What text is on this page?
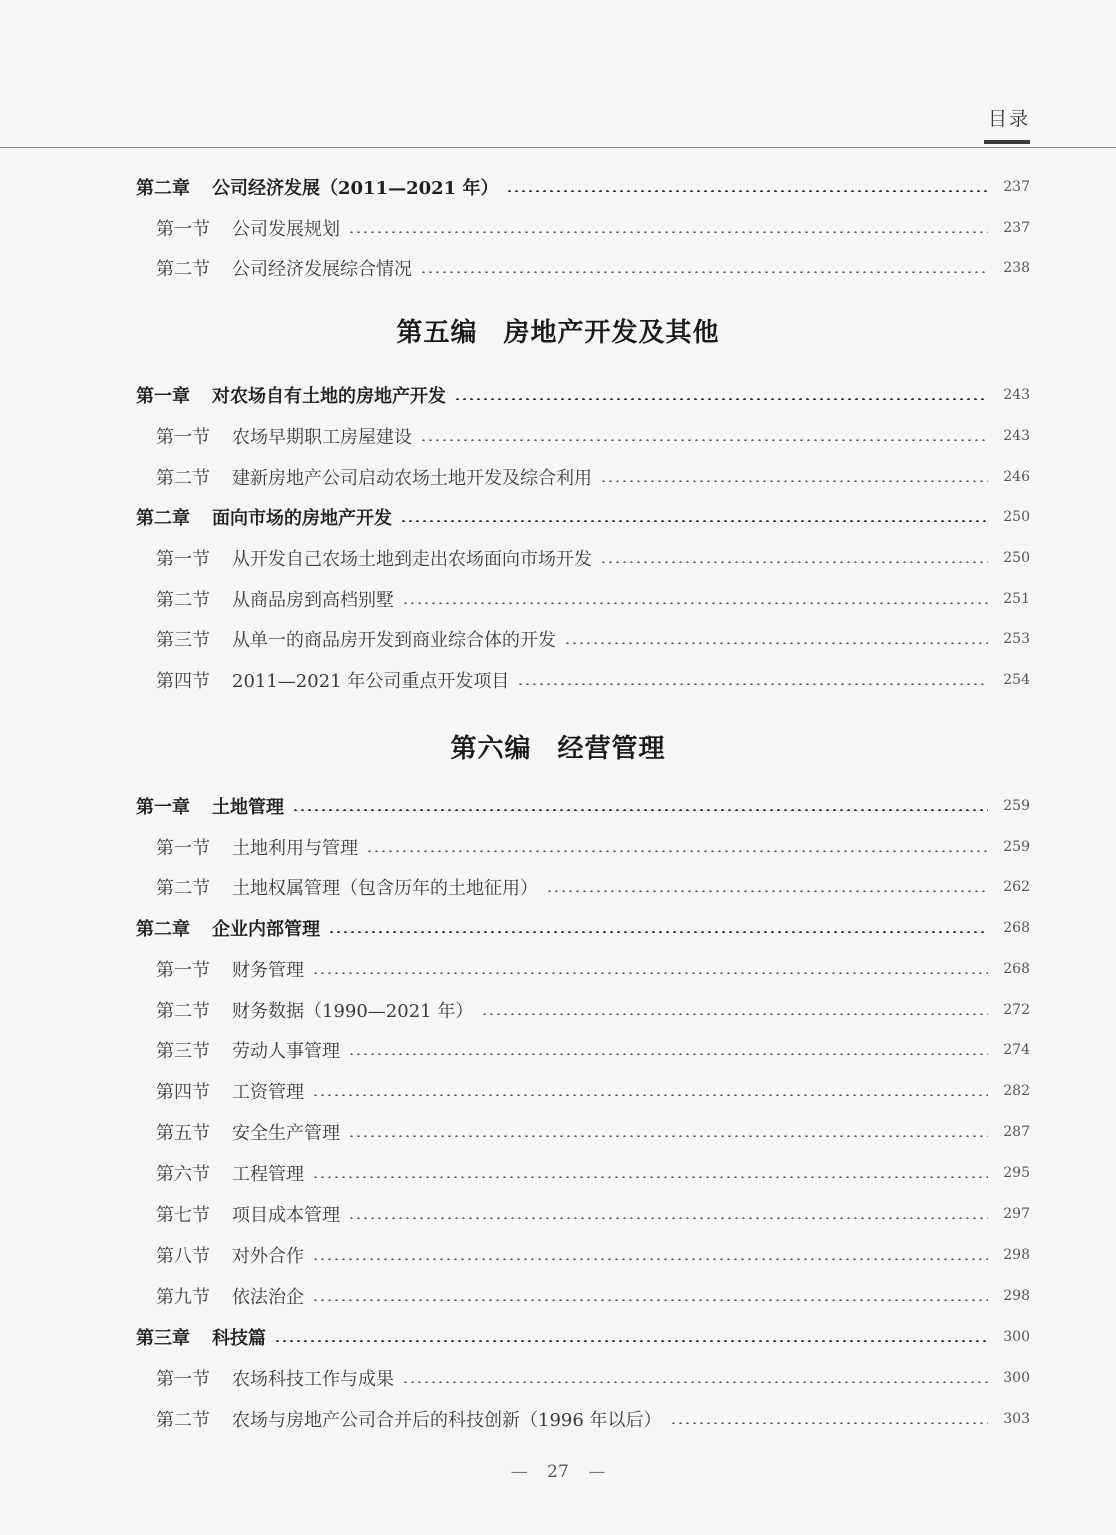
目录
第二章 公司经济发展（2011—2021 年）	237
第一节 公司发展规划	237
第二节 公司经济发展综合情况	238
第五编 房地产开发及其他
第一章 对农场自有土地的房地产开发	243
第一节 农场早期职工房屋建设	243
第二节 建新房地产公司启动农场土地开发及综合利用	246
第二章 面向市场的房地产开发	250
第一节 从开发自己农场土地到走出农场面向市场开发	250
第二节 从商品房到高档别墅	251
第三节 从单一的商品房开发到商业综合体的开发	253
第四节 2011—2021 年公司重点开发项目	254
第六编 经营管理
第一章 土地管理	259
第一节 土地利用与管理	259
第二节 土地权属管理（包含历年的土地征用）	262
第二章 企业内部管理	268
第一节 财务管理	268
第二节 财务数据（1990—2021 年）	272
第三节 劳动人事管理	274
第四节 工资管理	282
第五节 安全生产管理	287
第六节 工程管理	295
第七节 项目成本管理	297
第八节 对外合作	298
第九节 依法治企	298
第三章 科技篇	300
第一节 农场科技工作与成果	300
第二节 农场与房地产公司合并后的科技创新（1996 年以后）	303
— 27 —
